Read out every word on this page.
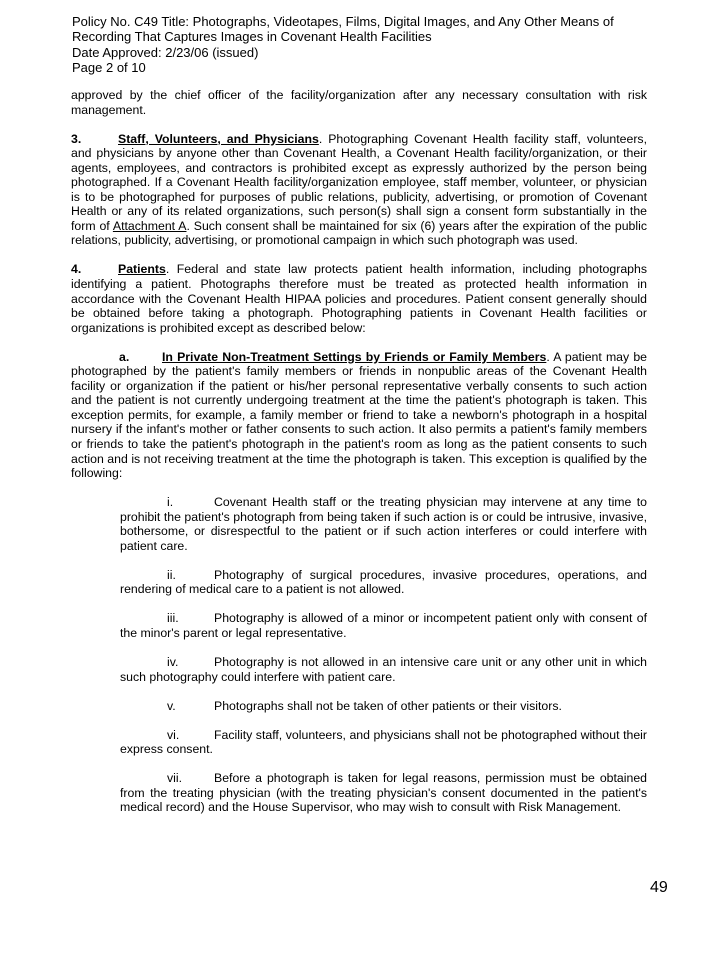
Policy No. C49 Title: Photographs, Videotapes, Films, Digital Images, and Any Other Means of
Recording That Captures Images in Covenant Health Facilities
Date Approved: 2/23/06 (issued)
Page 2 of 10

approved by the chief officer of the facility/organization after any necessary consultation with risk management.

3.	Staff, Volunteers, and Physicians. Photographing Covenant Health facility staff, volunteers, and physicians by anyone other than Covenant Health, a Covenant Health facility/organization, or their agents, employees, and contractors is prohibited except as expressly authorized by the person being photographed. If a Covenant Health facility/organization employee, staff member, volunteer, or physician is to be photographed for purposes of public relations, publicity, advertising, or promotion of Covenant Health or any of its related organizations, such person(s) shall sign a consent form substantially in the form of Attachment A. Such consent shall be maintained for six (6) years after the expiration of the public relations, publicity, advertising, or promotional campaign in which such photograph was used.

4.	Patients. Federal and state law protects patient health information, including photographs identifying a patient. Photographs therefore must be treated as protected health information in accordance with the Covenant Health HIPAA policies and procedures. Patient consent generally should be obtained before taking a photograph. Photographing patients in Covenant Health facilities or organizations is prohibited except as described below:

a.	In Private Non-Treatment Settings by Friends or Family Members. A patient may be photographed by the patient's family members or friends in nonpublic areas of the Covenant Health facility or organization if the patient or his/her personal representative verbally consents to such action and the patient is not currently undergoing treatment at the time the patient's photograph is taken. This exception permits, for example, a family member or friend to take a newborn's photograph in a hospital nursery if the infant's mother or father consents to such action. It also permits a patient's family members or friends to take the patient's photograph in the patient's room as long as the patient consents to such action and is not receiving treatment at the time the photograph is taken. This exception is qualified by the following:

i.	Covenant Health staff or the treating physician may intervene at any time to prohibit the patient's photograph from being taken if such action is or could be intrusive, invasive, bothersome, or disrespectful to the patient or if such action interferes or could interfere with patient care.

ii.	Photography of surgical procedures, invasive procedures, operations, and rendering of medical care to a patient is not allowed.

iii.	Photography is allowed of a minor or incompetent patient only with consent of the minor's parent or legal representative.

iv.	Photography is not allowed in an intensive care unit or any other unit in which such photography could interfere with patient care.

v.	Photographs shall not be taken of other patients or their visitors.

vi.	Facility staff, volunteers, and physicians shall not be photographed without their express consent.

vii.	Before a photograph is taken for legal reasons, permission must be obtained from the treating physician (with the treating physician's consent documented in the patient's medical record) and the House Supervisor, who may wish to consult with Risk Management.

49
